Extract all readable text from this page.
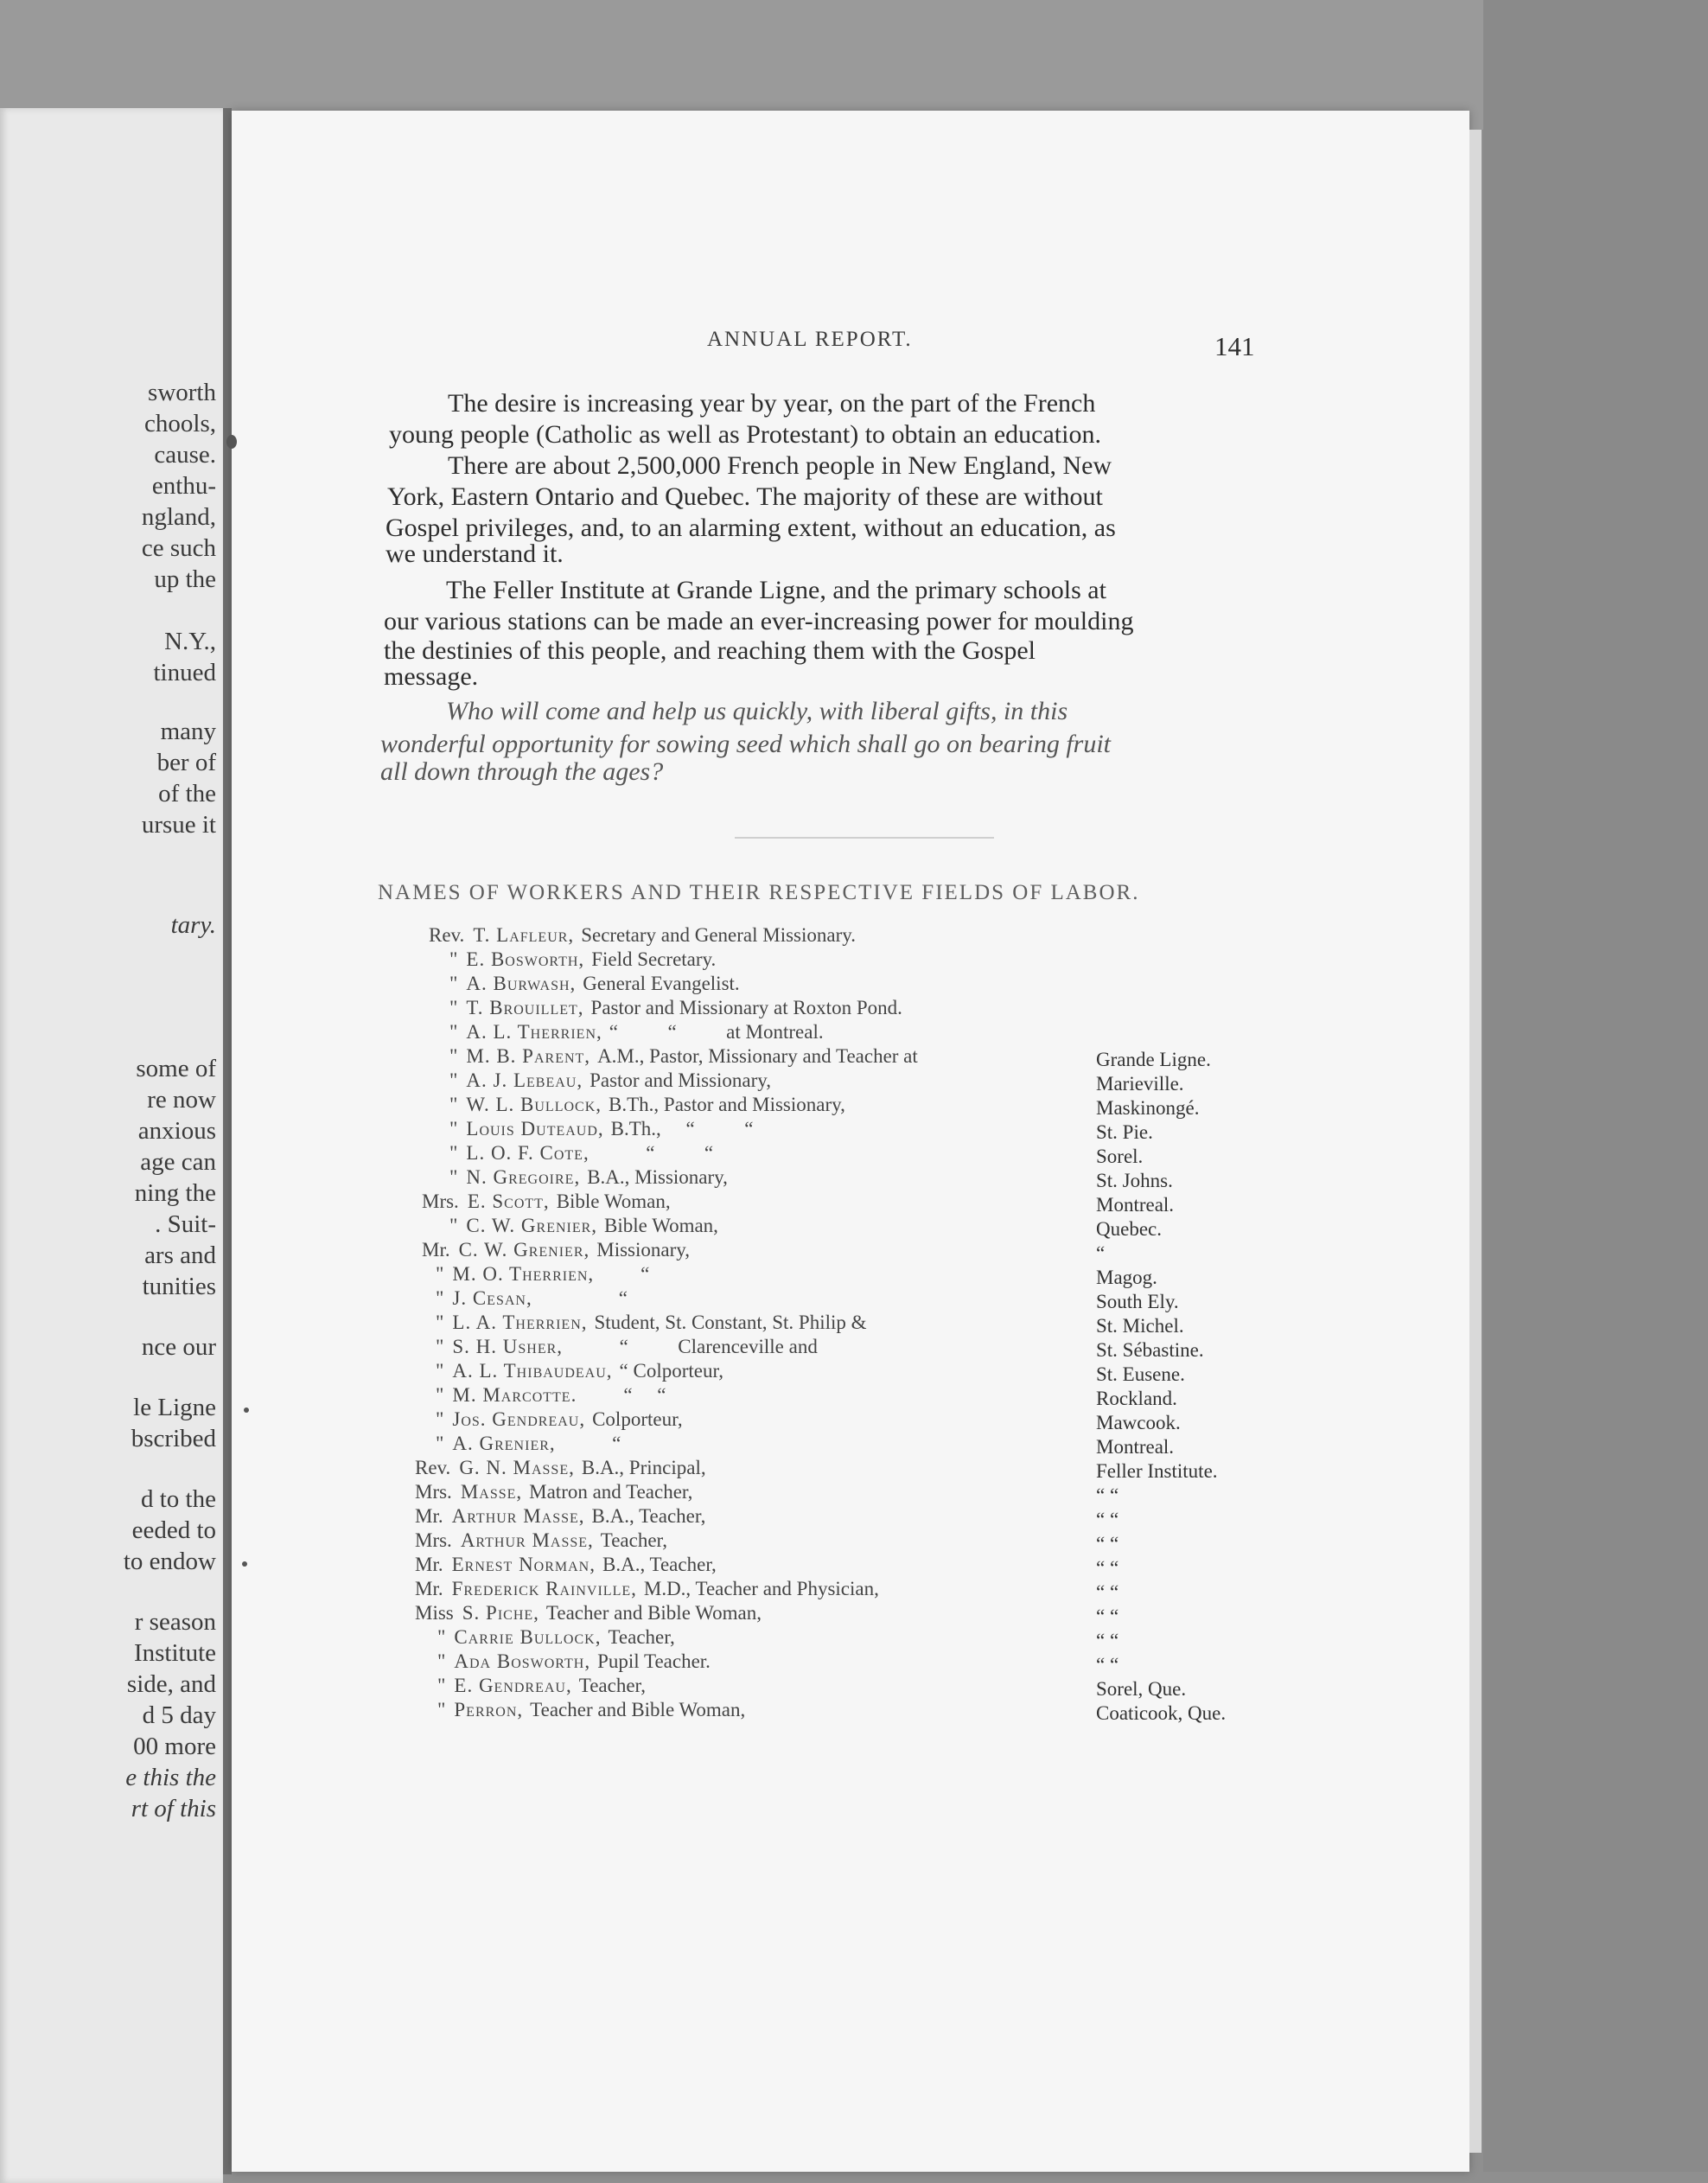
sworth
chools,
cause.
enthu-
ngland,
ce such
up the
N.Y.,
tinued
many
ber of
of the
ursue it
tary.
some of
re now
anxious
age can
ning the
. Suit-
ars and
tunities
nce our
le Ligne
bscribed
d to the
eeded to
to endow
r season
Institute
side, and
d 5 day
00 more
e this the
rt of this
ANNUAL REPORT.	141
NAMES OF WORKERS AND THEIR RESPECTIVE FIELDS OF LABOR.
The desire is increasing year by year, on the part of the French
young people (Catholic as well as Protestant) to obtain an education.
There are about 2,500,000 French people in New England, New
York, Eastern Ontario and Quebec. The majority of these are without
Gospel privileges, and, to an alarming extent, without an education, as
we understand it.
The Feller Institute at Grande Ligne, and the primary schools at
our various stations can be made an ever-increasing power for moulding
the destinies of this people, and reaching them with the Gospel
message.
Who will come and help us quickly, with liberal gifts, in this
wonderful opportunity for sowing seed which shall go on bearing fruit
all down through the ages?
Rev. T. Lafleur, Secretary and General Missionary.
" E. Bosworth, Field Secretary.
" A. Burwash, General Evangelist.
" T. Brouillet, Pastor and Missionary at Roxton Pond.
" A. L. Therrien, “          “          at Montreal.
" M. B. Parent, A.M., Pastor, Missionary and Teacher at	Grande Ligne.
" A. J. Lebeau, Pastor and Missionary,	Marieville.
" W. L. Bullock, B.Th., Pastor and Missionary,	Maskinongé.
" Louis Duteaud, B.Th.,     “          “	St. Pie.
" L. O. F. Cote,          “          “	Sorel.
" N. Gregoire, B.A., Missionary,	St. Johns.
Mrs. E. Scott, Bible Woman,	Montreal.
" C. W. Grenier, Bible Woman,	Quebec.
Mr. C. W. Grenier, Missionary,	“
" M. O. Therrien,        “	Magog.
" J. Cesan,                “	South Ely.
" L. A. Therrien, Student, St. Constant, St. Philip &	St. Michel.
" S. H. Usher,          “          Clarenceville and	St. Sébastine.
" A. L. Thibaudeau, “ Colporteur,	St. Eusene.
" M. Marcotte.        “     “	Rockland.
" Jos. Gendreau, Colporteur,	Mawcook.
" A. Grenier,          “	Montreal.
Rev. G. N. Masse, B.A., Principal,	Feller Institute.
Mrs. Masse, Matron and Teacher,	“ “
Mr. Arthur Masse, B.A., Teacher,	“ “
Mrs. Arthur Masse, Teacher,	“ “
Mr. Ernest Norman, B.A., Teacher,	“ “
Mr. Frederick Rainville, M.D., Teacher and Physician,	“ “
Miss S. Piche, Teacher and Bible Woman,	“ “
" Carrie Bullock, Teacher,	“ “
" Ada Bosworth, Pupil Teacher.	“ “
" E. Gendreau, Teacher,	Sorel, Que.
" Perron, Teacher and Bible Woman,	Coaticook, Que.
